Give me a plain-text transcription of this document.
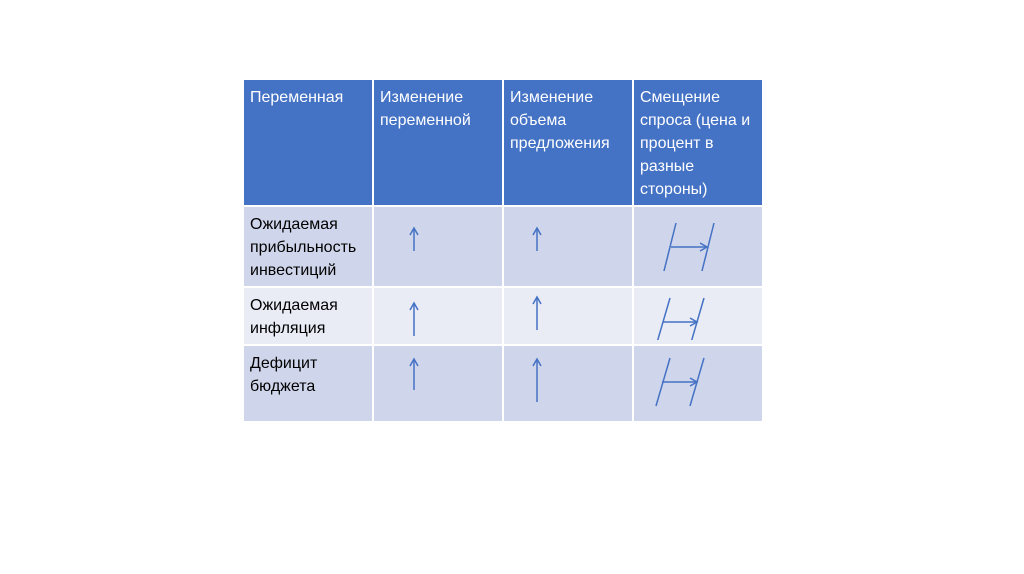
Переменная	Изменение переменной	Изменение объема предложения	Смещение спроса (цена и процент в разные стороны)
Ожидаемая прибыльность инвестиций	

Ожидаемая инфляция	

Дефицит бюджета	
